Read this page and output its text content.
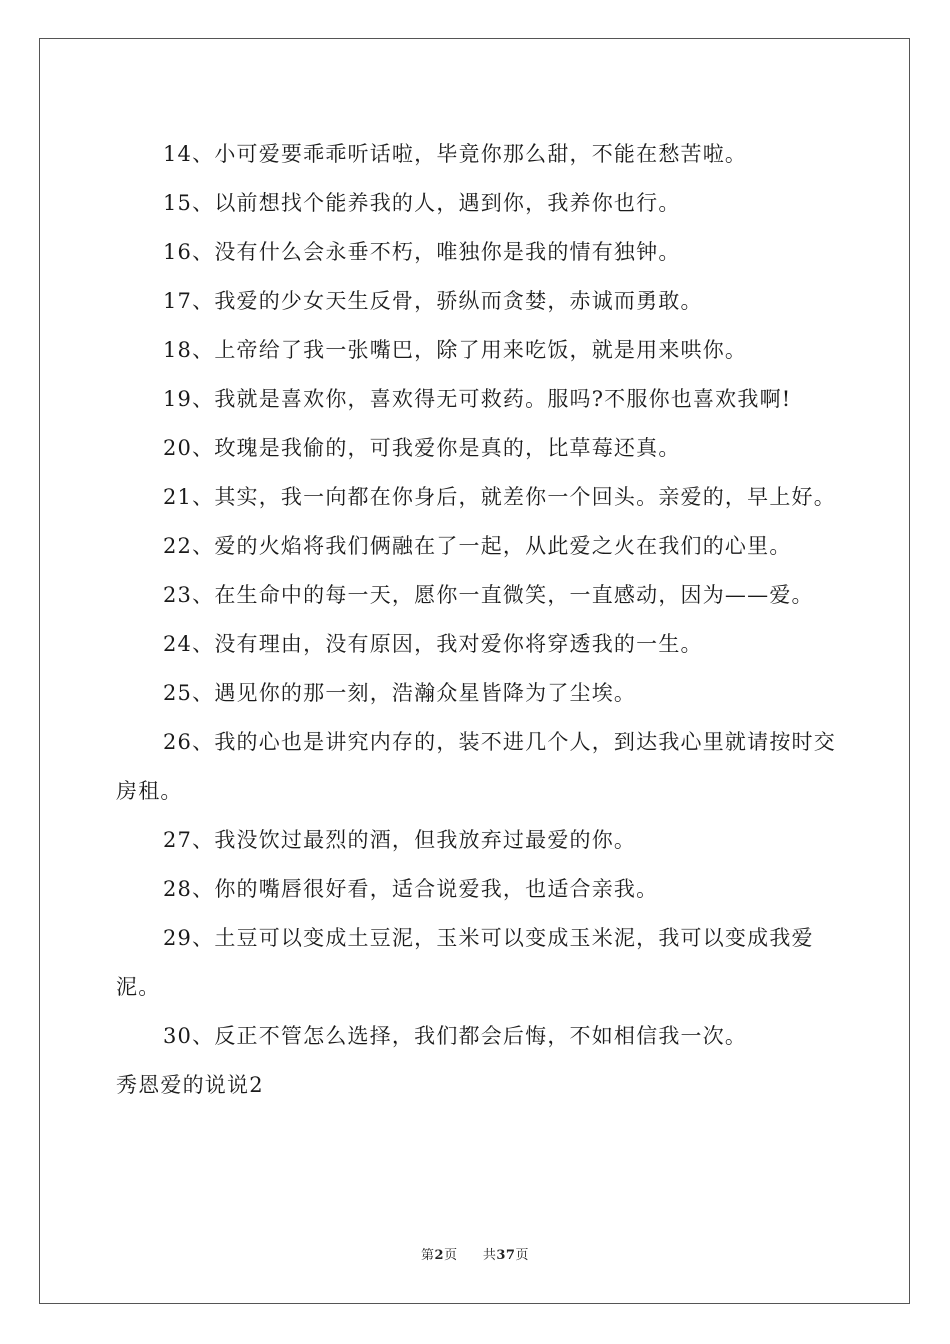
14、小可爱要乖乖听话啦，毕竟你那么甜，不能在愁苦啦。

15、以前想找个能养我的人，遇到你，我养你也行。

16、没有什么会永垂不朽，唯独你是我的情有独钟。

17、我爱的少女天生反骨，骄纵而贪婪，赤诚而勇敢。

18、上帝给了我一张嘴巴，除了用来吃饭，就是用来哄你。

19、我就是喜欢你，喜欢得无可救药。服吗?不服你也喜欢我啊!

20、玫瑰是我偷的，可我爱你是真的，比草莓还真。

21、其实，我一向都在你身后，就差你一个回头。亲爱的，早上好。

22、爱的火焰将我们俩融在了一起，从此爱之火在我们的心里。

23、在生命中的每一天，愿你一直微笑，一直感动，因为——爱。

24、没有理由，没有原因，我对爱你将穿透我的一生。

25、遇见你的那一刻，浩瀚众星皆降为了尘埃。

26、我的心也是讲究内存的，装不进几个人，到达我心里就请按时交房租。

27、我没饮过最烈的酒，但我放弃过最爱的你。

28、你的嘴唇很好看，适合说爱我，也适合亲我。

29、土豆可以变成土豆泥，玉米可以变成玉米泥，我可以变成我爱泥。

30、反正不管怎么选择，我们都会后悔，不如相信我一次。

秀恩爱的说说2

第2页 共37页
